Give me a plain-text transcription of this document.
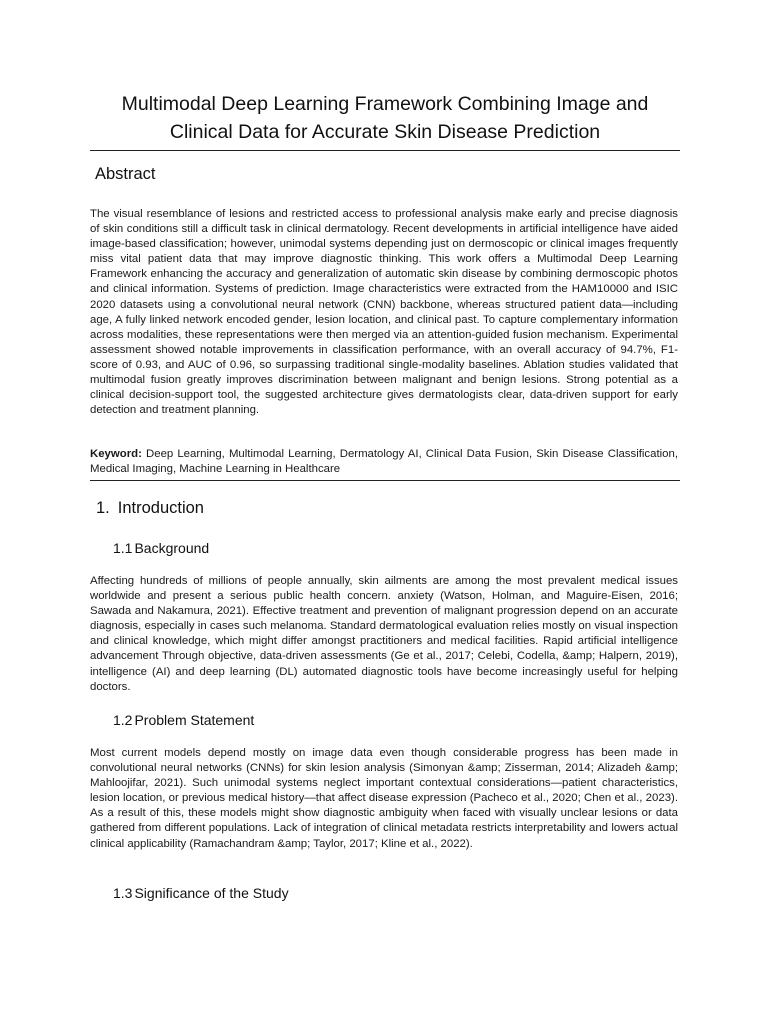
Multimodal Deep Learning Framework Combining Image and
Clinical Data for Accurate Skin Disease Prediction
Abstract

The visual resemblance of lesions and restricted access to professional analysis make early and precise diagnosis of skin conditions still a difficult task in clinical dermatology. Recent developments in artificial intelligence have aided image-based classification; however, unimodal systems depending just on dermoscopic or clinical images frequently miss vital patient data that may improve diagnostic thinking. This work offers a Multimodal Deep Learning Framework enhancing the accuracy and generalization of automatic skin disease by combining dermoscopic photos and clinical information. Systems of prediction. Image characteristics were extracted from the HAM10000 and ISIC 2020 datasets using a convolutional neural network (CNN) backbone, whereas structured patient data—including age, A fully linked network encoded gender, lesion location, and clinical past. To capture complementary information across modalities, these representations were then merged via an attention-guided fusion mechanism. Experimental assessment showed notable improvements in classification performance, with an overall accuracy of 94.7%, F1-score of 0.93, and AUC of 0.96, so surpassing traditional single-modality baselines. Ablation studies validated that multimodal fusion greatly improves discrimination between malignant and benign lesions. Strong potential as a clinical decision-support tool, the suggested architecture gives dermatologists clear, data-driven support for early detection and treatment planning.

Keyword: Deep Learning, Multimodal Learning, Dermatology AI, Clinical Data Fusion, Skin Disease Classification, Medical Imaging, Machine Learning in Healthcare

1. Introduction
1.1 Background

Affecting hundreds of millions of people annually, skin ailments are among the most prevalent medical issues worldwide and present a serious public health concern. anxiety (Watson, Holman, and Maguire-Eisen, 2016; Sawada and Nakamura, 2021). Effective treatment and prevention of malignant progression depend on an accurate diagnosis, especially in cases such melanoma. Standard dermatological evaluation relies mostly on visual inspection and clinical knowledge, which might differ amongst practitioners and medical facilities. Rapid artificial intelligence advancement Through objective, data-driven assessments (Ge et al., 2017; Celebi, Codella, &amp; Halpern, 2019), intelligence (AI) and deep learning (DL) automated diagnostic tools have become increasingly useful for helping doctors.

1.2 Problem Statement

Most current models depend mostly on image data even though considerable progress has been made in convolutional neural networks (CNNs) for skin lesion analysis (Simonyan &amp; Zisserman, 2014; Alizadeh &amp; Mahloojifar, 2021). Such unimodal systems neglect important contextual considerations—patient characteristics, lesion location, or previous medical history—that affect disease expression (Pacheco et al., 2020; Chen et al., 2023). As a result of this, these models might show diagnostic ambiguity when faced with visually unclear lesions or data gathered from different populations. Lack of integration of clinical metadata restricts interpretability and lowers actual clinical applicability (Ramachandram &amp; Taylor, 2017; Kline et al., 2022).

1.3 Significance of the Study
